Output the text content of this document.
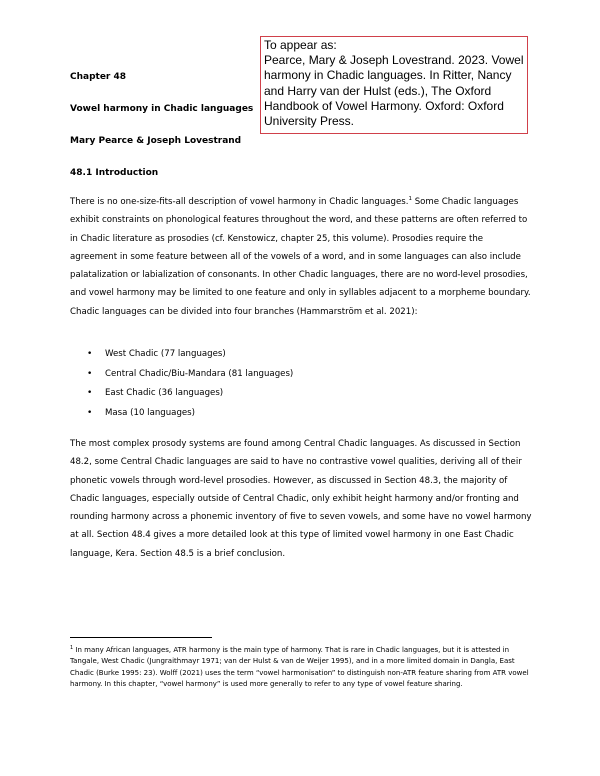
To appear as:

Pearce, Mary & Joseph Lovestrand. 2023. Vowel harmony in Chadic languages. In Ritter, Nancy and Harry van der Hulst (eds.), The Oxford Handbook of Vowel Harmony. Oxford: Oxford University Press.

Chapter 48

Vowel harmony in Chadic languages

Mary Pearce & Joseph Lovestrand

48.1 Introduction

There is no one-size-fits-all description of vowel harmony in Chadic languages.$^1$ Some Chadic languages exhibit constraints on phonological features throughout the word, and these patterns are often referred to in Chadic literature as prosodies (cf. Kenstowicz, chapter 25, this volume). Prosodies require the agreement in some feature between all of the vowels of a word, and in some languages can also include palatalization or labialization of consonants. In other Chadic languages, there are no word-level prosodies, and vowel harmony may be limited to one feature and only in syllables adjacent to a morpheme boundary. Chadic languages can be divided into four branches (Hammarström et al. 2021):

• West Chadic (77 languages)
• Central Chadic/Biu-Mandara (81 languages)
• East Chadic (36 languages)
• Masa (10 languages)

The most complex prosody systems are found among Central Chadic languages. As discussed in Section 48.2, some Central Chadic languages are said to have no contrastive vowel qualities, deriving all of their phonetic vowels through word-level prosodies. However, as discussed in Section 48.3, the majority of Chadic languages, especially outside of Central Chadic, only exhibit height harmony and/or fronting and rounding harmony across a phonemic inventory of five to seven vowels, and some have no vowel harmony at all. Section 48.4 gives a more detailed look at this type of limited vowel harmony in one East Chadic language, Kera. Section 48.5 is a brief conclusion.

$^1$ In many African languages, ATR harmony is the main type of harmony. That is rare in Chadic languages, but it is attested in Tangale, West Chadic (Jungraithmayr 1971; van der Hulst & van de Weijer 1995), and in a more limited domain in Dangla, East Chadic (Burke 1995: 23). Wolff (2021) uses the term “vowel harmonisation” to distinguish non-ATR feature sharing from ATR vowel harmony. In this chapter, “vowel harmony” is used more generally to refer to any type of vowel feature sharing.
